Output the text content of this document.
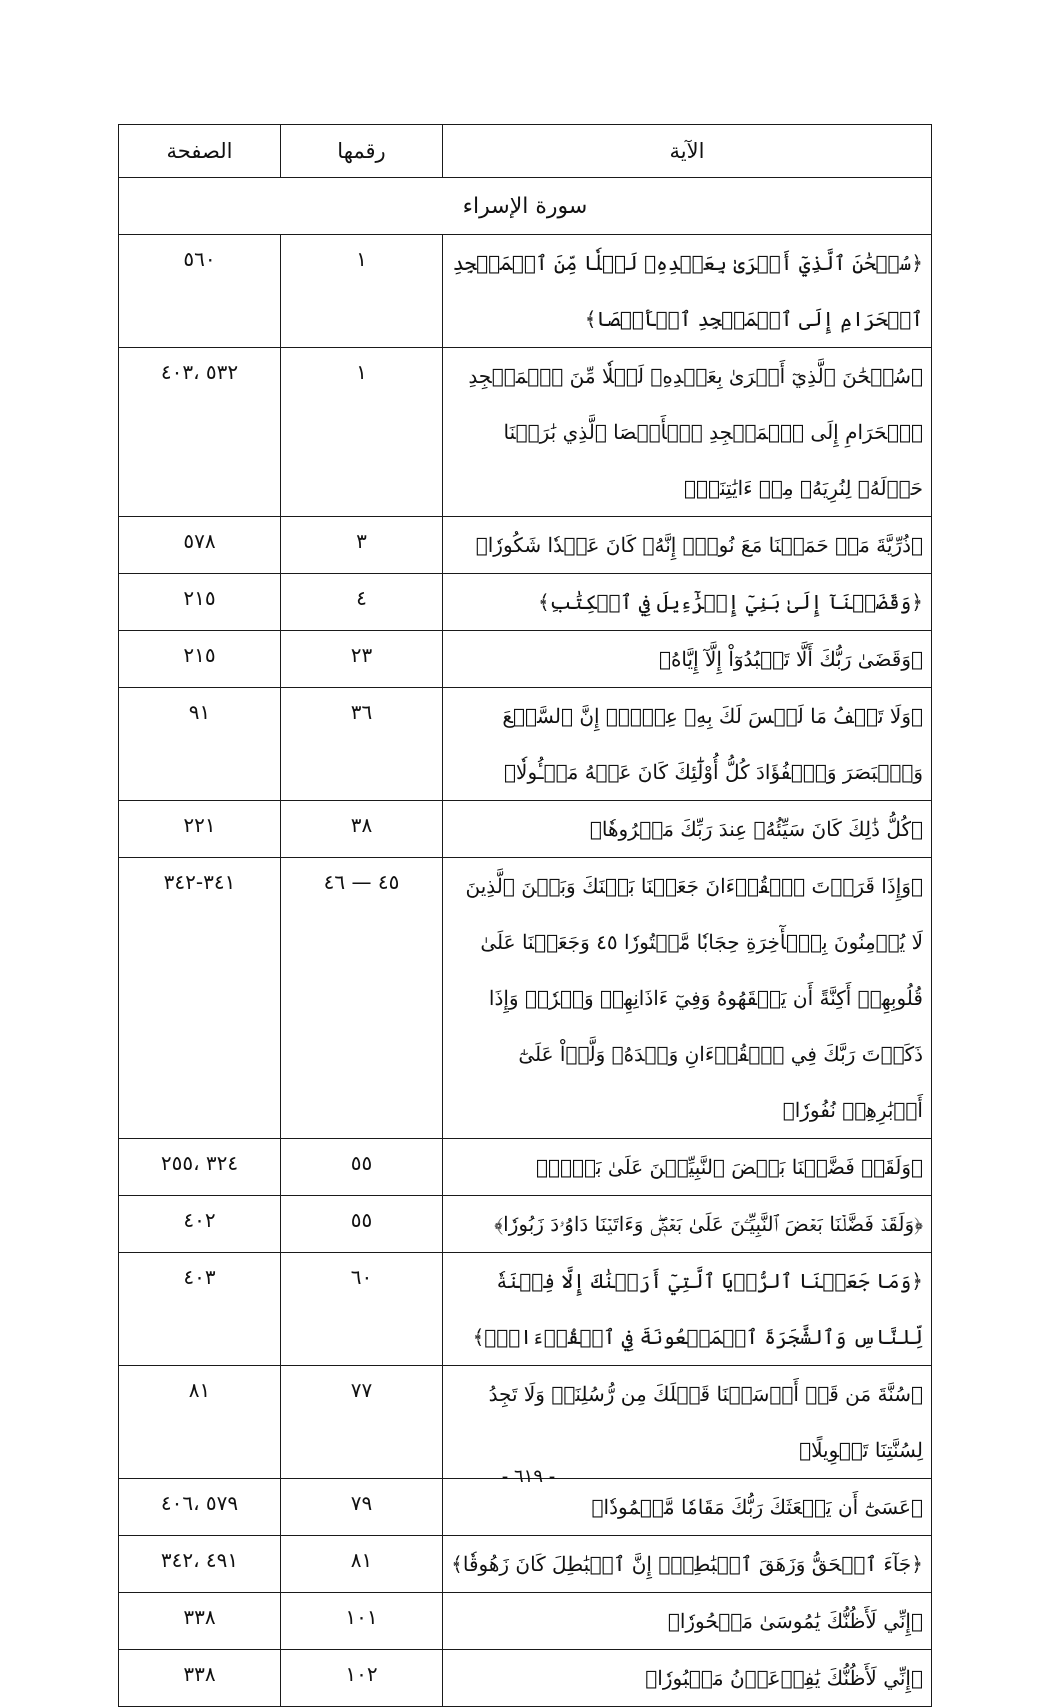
الآية	رقمها	الصفحة
سورة الإسراء		
﴿سُبۡحَٰنَ ٱلَّذِيٓ أَسۡرَىٰ بِعَبۡدِهِۦ لَيۡلٗا مِّنَ ٱلۡمَسۡجِدِ ٱلۡحَرَامِ إِلَى ٱلۡمَسۡجِدِ ٱلۡأَقۡصَا﴾	١	٥٦٠
﴿سُبۡحَٰنَ ٱلَّذِيٓ أَسۡرَىٰ بِعَبۡدِهِۦ لَيۡلٗا مِّنَ ٱلۡمَسۡجِدِ ٱلۡحَرَامِ إِلَى ٱلۡمَسۡجِدِ ٱلۡأَقۡصَا ٱلَّذِي بَٰرَكۡنَا حَوۡلَهُۥ لِنُرِيَهُۥ مِنۡ ءَايَٰتِنَآۚ﴾	١	٥٣٢ ،٤٠٣
﴿ذُرِّيَّةَ مَنۡ حَمَلۡنَا مَعَ نُوحٍۚ إِنَّهُۥ كَانَ عَبۡدٗا شَكُورٗا﴾	٣	٥٧٨
﴿وَقَضَيۡنَآ إِلَىٰ بَنِيٓ إِسۡرَٰٓءِيلَ فِي ٱلۡكِتَٰبِ﴾	٤	٢١٥
﴿وَقَضَىٰ رَبُّكَ أَلَّا تَعۡبُدُوٓاْ إِلَّآ إِيَّاهُ﴾	٢٣	٢١٥
﴿وَلَا تَقۡفُ مَا لَيۡسَ لَكَ بِهِۦ عِلۡمٌۚ إِنَّ ٱلسَّمۡعَ وَٱلۡبَصَرَ وَٱلۡفُؤَادَ كُلُّ أُوْلَٰٓئِكَ كَانَ عَنۡهُ مَسۡـُٔولٗا﴾	٣٦	٩١
﴿كُلُّ ذَٰلِكَ كَانَ سَيِّئُهُۥ عِندَ رَبِّكَ مَكۡرُوهٗا﴾	٣٨	٢٢١
﴿وَإِذَا قَرَأۡتَ ٱلۡقُرۡءَانَ جَعَلۡنَا بَيۡنَكَ وَبَيۡنَ ٱلَّذِينَ لَا يُؤۡمِنُونَ بِٱلۡأٓخِرَةِ حِجَابٗا مَّسۡتُورٗا ٤٥ وَجَعَلۡنَا عَلَىٰ قُلُوبِهِمۡ أَكِنَّةً أَن يَفۡقَهُوهُ وَفِيٓ ءَاذَانِهِمۡ وَقۡرٗاۚ وَإِذَا ذَكَرۡتَ رَبَّكَ فِي ٱلۡقُرۡءَانِ وَحۡدَهُۥ وَلَّوۡاْ عَلَىٰٓ أَدۡبَٰرِهِمۡ نُفُورٗا﴾	٤٥ — ٤٦	٣٤١-٣٤٢
﴿وَلَقَدۡ فَضَّلۡنَا بَعۡضَ ٱلنَّبِيِّـۧنَ عَلَىٰ بَعۡضٖ﴾	٥٥	٣٢٤ ،٢٥٥
﴿وَلَقَدۡ فَضَّلۡنَا بَعۡضَ ٱلنَّبِيِّـۧنَ عَلَىٰ بَعۡضٖۖ وَءَاتَيۡنَا دَاوُۥدَ زَبُورٗا﴾	٥٥	٤٠٢
﴿وَمَا جَعَلۡنَا ٱلرُّءۡيَا ٱلَّتِيٓ أَرَيۡنَٰكَ إِلَّا فِتۡنَةٗ لِّلنَّاسِ وَٱلشَّجَرَةَ ٱلۡمَلۡعُونَةَ فِي ٱلۡقُرۡءَانِۚ﴾	٦٠	٤٠٣
﴿سُنَّةَ مَن قَدۡ أَرۡسَلۡنَا قَبۡلَكَ مِن رُّسُلِنَاۖ وَلَا تَجِدُ لِسُنَّتِنَا تَحۡوِيلًا﴾	٧٧	٨١
﴿عَسَىٰٓ أَن يَبۡعَثَكَ رَبُّكَ مَقَامٗا مَّحۡمُودٗا﴾	٧٩	٥٧٩ ،٤٠٦
﴿جَآءَ ٱلۡحَقُّ وَزَهَقَ ٱلۡبَٰطِلُۚ إِنَّ ٱلۡبَٰطِلَ كَانَ زَهُوقٗا﴾	٨١	٤٩١ ،٣٤٢
﴿إِنِّي لَأَظُنُّكَ يَٰمُوسَىٰ مَسۡحُورٗا﴾	١٠١	٣٣٨
﴿إِنِّي لَأَظُنُّكَ يَٰفِرۡعَوۡنُ مَثۡبُورٗا﴾	١٠٢	٣٣٨
- ٦١٩ -
